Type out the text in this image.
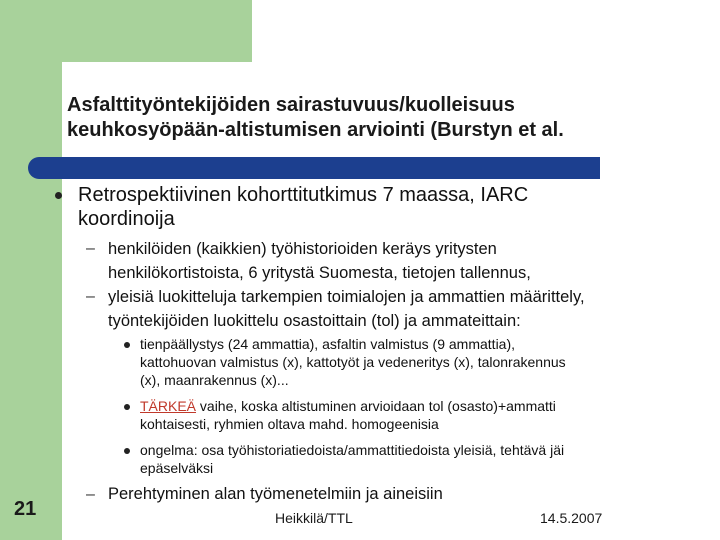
Asfalttityöntekijöiden sairastuvuus/kuolleisuus
keuhkosyöpään-altistumisen arviointi (Burstyn et al.
Retrospektiivinen kohorttitutkimus 7 maassa, IARC
koordinoija
– henkilöiden (kaikkien) työhistorioiden keräys yritysten
henkilökortistoista, 6 yritystä Suomesta, tietojen tallennus,
– yleisiä luokitteluja tarkempien toimialojen ja ammattien määrittely,
työntekijöiden luokittelu osastoittain (tol) ja ammateittain:
tienpäällystys (24 ammattia), asfaltin valmistus (9 ammattia),
kattohuovan valmistus (x), kattotyöt ja vedeneritys (x), talonrakennus
(x), maanrakennus (x)...
TÄRKEÄ vaihe, koska altistuminen arvioidaan tol (osasto)+ammatti
kohtaisesti, ryhmien oltava mahd. homogeenisia
ongelma: osa työhistoriatiedoista/ammattitiedoista yleisiä, tehtävä jäi
epäselväksi
– Perehtyminen alan työmenetelmiin ja aineisiin
21	Heikkilä/TTL	14.5.2007
